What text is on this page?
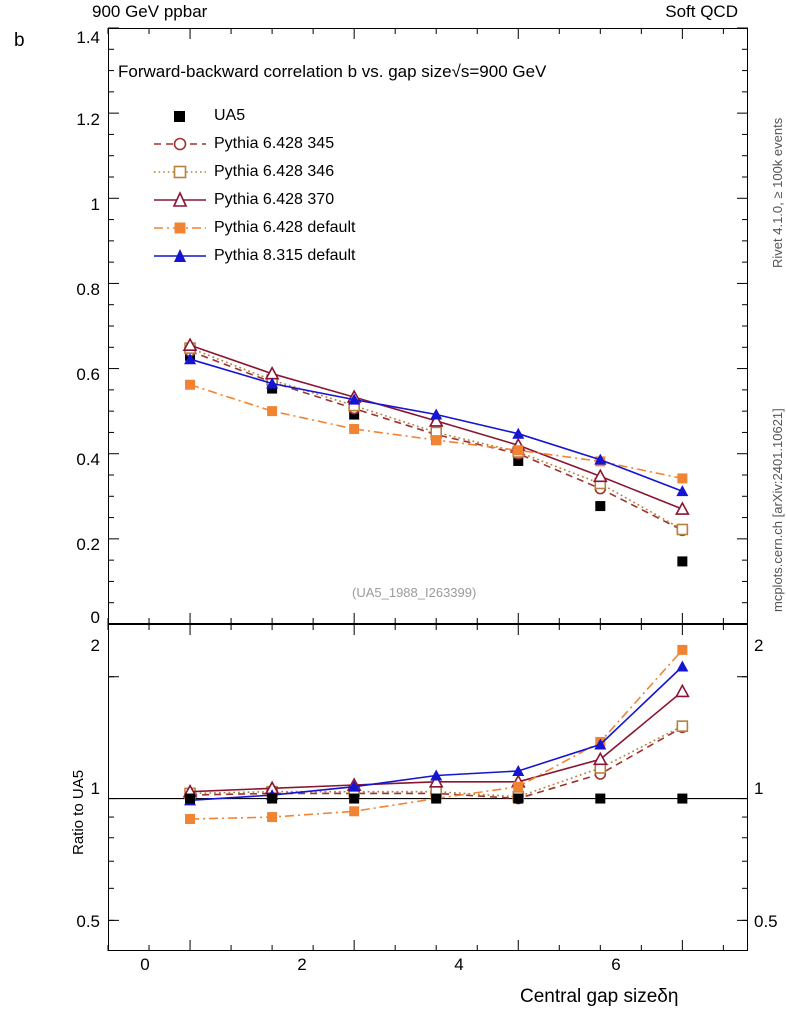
900 GeV ppbar	Soft QCD
Rivet 4.1.0, ≥ 100k events
mcplots.cern.ch [arXiv:2401.10621]
b	1.4
1.2
1
0.8
0.6
0.4
0.2
0
2
1
0.5
2
1
0.5
Ratio to UA5
0	2	4	6
Central gap sizeδη
Forward-backward correlation b vs. gap size√s=900 GeV
(UA5_1988_I263399)
UA5
Pythia 6.428 345
Pythia 6.428 346
Pythia 6.428 370
Pythia 6.428 default
Pythia 8.315 default
